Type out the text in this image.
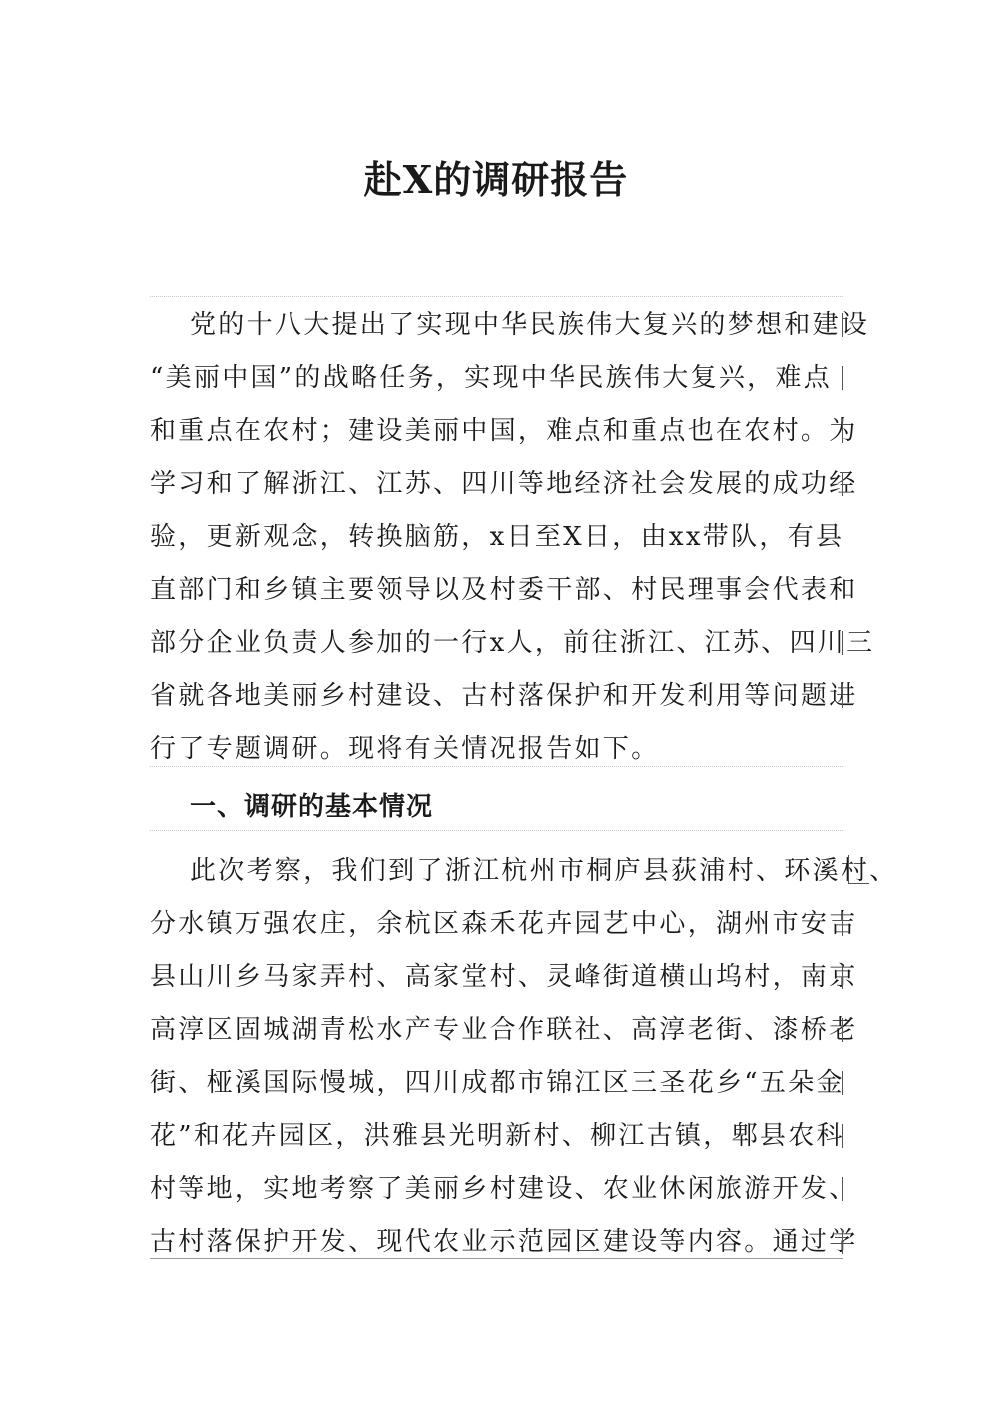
赴X的调研报告
党的十八大提出了实现中华民族伟大复兴的梦想和建设
“美丽中国”的战略任务，实现中华民族伟大复兴，难点
和重点在农村；建设美丽中国，难点和重点也在农村。为
学习和了解浙江、江苏、四川等地经济社会发展的成功经
验，更新观念，转换脑筋，x日至X日，由xx带队，有县
直部门和乡镇主要领导以及村委干部、村民理事会代表和
部分企业负责人参加的一行x人，前往浙江、江苏、四川三
省就各地美丽乡村建设、古村落保护和开发利用等问题进
行了专题调研。现将有关情况报告如下。
一、调研的基本情况
此次考察，我们到了浙江杭州市桐庐县荻浦村、环溪村、
分水镇万强农庄，余杭区森禾花卉园艺中心，湖州市安吉
县山川乡马家弄村、高家堂村、灵峰街道横山坞村，南京
高淳区固城湖青松水产专业合作联社、高淳老街、漆桥老
街、桠溪国际慢城，四川成都市锦江区三圣花乡“五朵金
花”和花卉园区，洪雅县光明新村、柳江古镇，郫县农科
村等地，实地考察了美丽乡村建设、农业休闲旅游开发、
古村落保护开发、现代农业示范园区建设等内容。通过学
